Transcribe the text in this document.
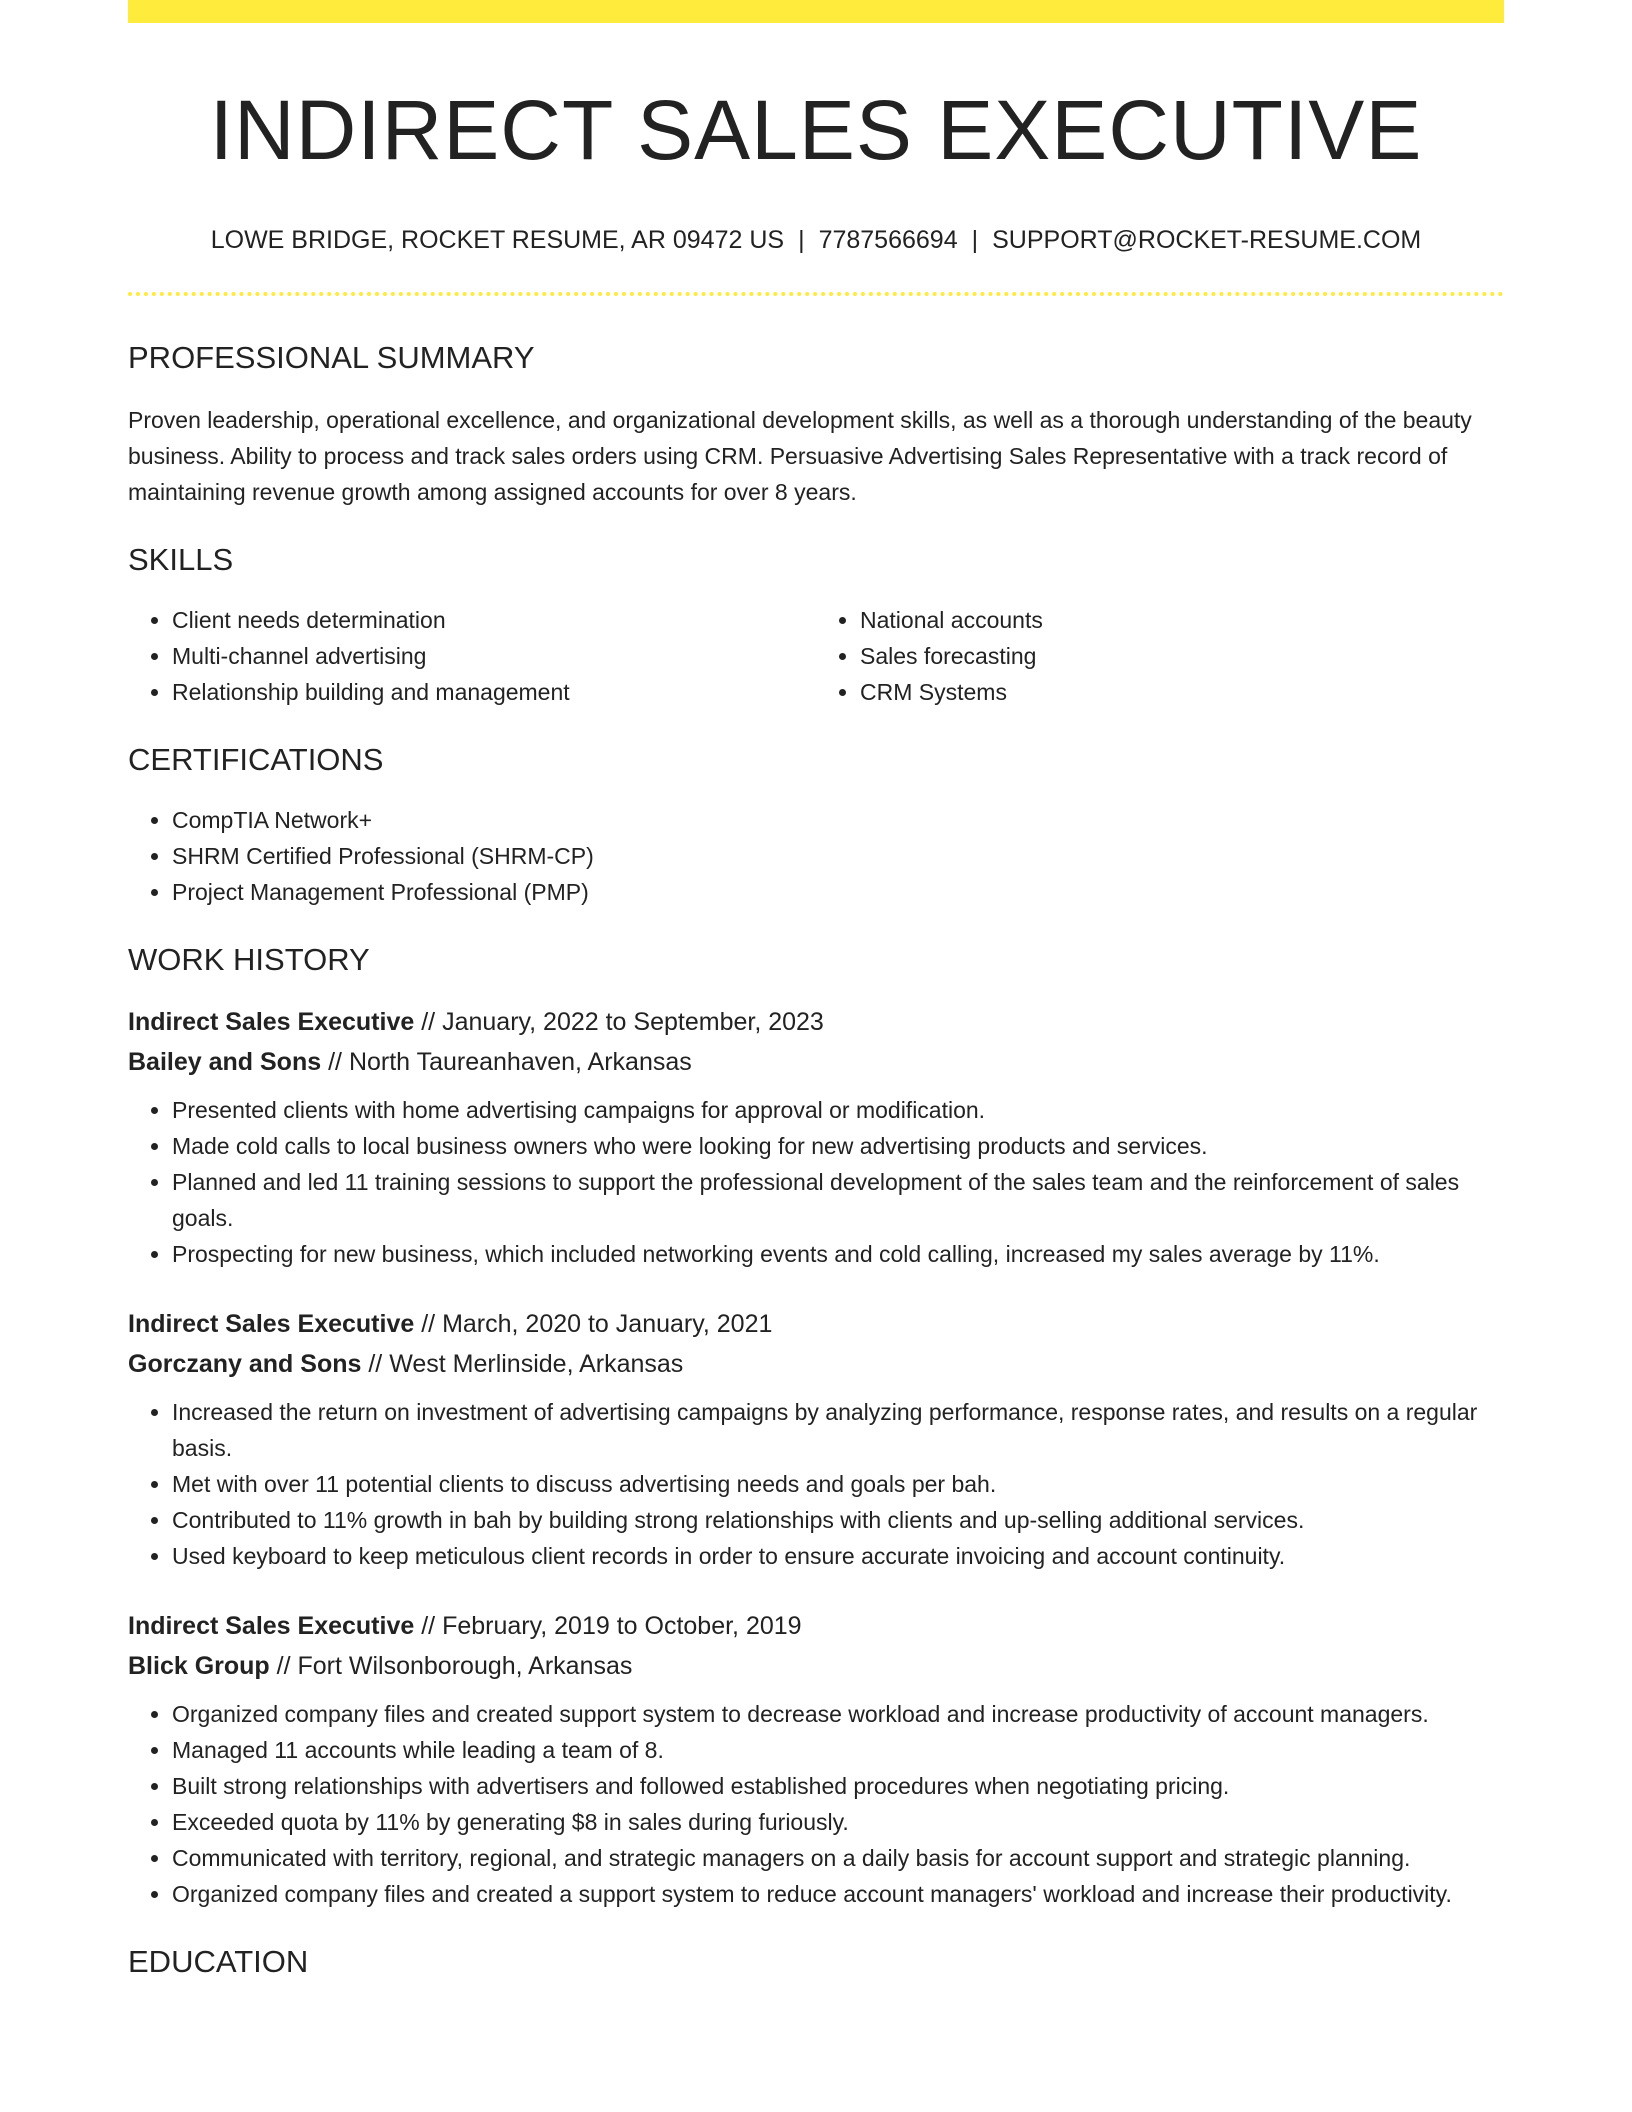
INDIRECT SALES EXECUTIVE
LOWE BRIDGE, ROCKET RESUME, AR 09472 US | 7787566694 | SUPPORT@ROCKET-RESUME.COM
PROFESSIONAL SUMMARY

Proven leadership, operational excellence, and organizational development skills, as well as a thorough understanding of the beauty business. Ability to process and track sales orders using CRM. Persuasive Advertising Sales Representative with a track record of maintaining revenue growth among assigned accounts for over 8 years.

SKILLS
• Client needs determination
• Multi-channel advertising
• Relationship building and management
• National accounts
• Sales forecasting
• CRM Systems
CERTIFICATIONS
• CompTIA Network+
• SHRM Certified Professional (SHRM-CP)
• Project Management Professional (PMP)
WORK HISTORY
Indirect Sales Executive // January, 2022 to September, 2023
Bailey and Sons // North Taureanhaven, Arkansas
• Presented clients with home advertising campaigns for approval or modification.
• Made cold calls to local business owners who were looking for new advertising products and services.
• Planned and led 11 training sessions to support the professional development of the sales team and the reinforcement of sales goals.
• Prospecting for new business, which included networking events and cold calling, increased my sales average by 11%.
Indirect Sales Executive // March, 2020 to January, 2021
Gorczany and Sons // West Merlinside, Arkansas
• Increased the return on investment of advertising campaigns by analyzing performance, response rates, and results on a regular basis.
• Met with over 11 potential clients to discuss advertising needs and goals per bah.
• Contributed to 11% growth in bah by building strong relationships with clients and up-selling additional services.
• Used keyboard to keep meticulous client records in order to ensure accurate invoicing and account continuity.
Indirect Sales Executive // February, 2019 to October, 2019
Blick Group // Fort Wilsonborough, Arkansas
• Organized company files and created support system to decrease workload and increase productivity of account managers.
• Managed 11 accounts while leading a team of 8.
• Built strong relationships with advertisers and followed established procedures when negotiating pricing.
• Exceeded quota by 11% by generating $8 in sales during furiously.
• Communicated with territory, regional, and strategic managers on a daily basis for account support and strategic planning.
• Organized company files and created a support system to reduce account managers' workload and increase their productivity.
EDUCATION
